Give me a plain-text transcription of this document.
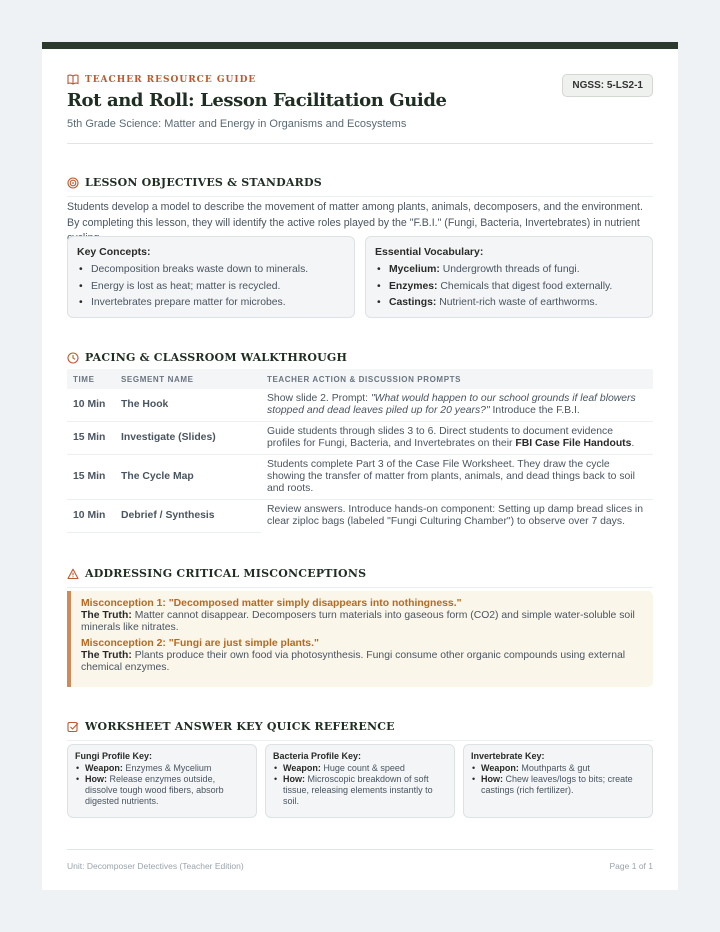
TEACHER RESOURCE GUIDE
NGSS: 5-LS2-1
Rot and Roll: Lesson Facilitation Guide
5th Grade Science: Matter and Energy in Organisms and Ecosystems
LESSON OBJECTIVES & STANDARDS
Students develop a model to describe the movement of matter among plants, animals, decomposers, and the environment. By completing this lesson, they will identify the active roles played by the "F.B.I." (Fungi, Bacteria, Invertebrates) in nutrient
Key Concepts:
• Decomposition breaks waste down to minerals.
• Energy is lost as heat; matter is recycled.
• Invertebrates prepare matter for microbes.
Essential Vocabulary:
• Mycelium: Undergrowth threads of fungi.
• Enzymes: Chemicals that digest food externally.
• Castings: Nutrient-rich waste of earthworms.
PACING & CLASSROOM WALKTHROUGH
TIME	SEGMENT NAME	TEACHER ACTION & DISCUSSION PROMPTS
10 Min	The Hook	Show slide 2. Prompt: "What would happen to our school grounds if leaf blowers stopped and dead leaves piled up for 20 years?" Introduce the F.B.I.
15 Min	Investigate (Slides)	Guide students through slides 3 to 6. Direct students to document evidence profiles for Fungi, Bacteria, and Invertebrates on their FBI Case File Handouts.
15 Min	The Cycle Map	Students complete Part 3 of the Case File Worksheet. They draw the cycle showing the transfer of matter from plants, animals, and dead things back to soil and roots.
10 Min	Debrief / Synthesis	Review answers. Introduce hands-on component: Setting up damp bread slices in clear ziploc bags (labeled "Fungi Culturing Chamber") to observe over 7 days.
ADDRESSING CRITICAL MISCONCEPTIONS
Misconception 1: "Decomposed matter simply disappears into nothingness."
The Truth: Matter cannot disappear. Decomposers turn materials into gaseous form (CO2) and simple water-soluble soil minerals like nitrates.
Misconception 2: "Fungi are just simple plants."
The Truth: Plants produce their own food via photosynthesis. Fungi consume other organic compounds using external chemical enzymes.
WORKSHEET ANSWER KEY QUICK REFERENCE
Fungi Profile Key:
• Weapon: Enzymes & Mycelium
• How: Release enzymes outside, dissolve tough wood fibers, absorb digested nutrients.
Bacteria Profile Key:
• Weapon: Huge count & speed
• How: Microscopic breakdown of soft tissue, releasing elements instantly to soil.
Invertebrate Key:
• Weapon: Mouthparts & gut
• How: Chew leaves/logs to bits; create castings (rich fertilizer).
Unit: Decomposer Detectives (Teacher Edition)	Page 1 of 1
